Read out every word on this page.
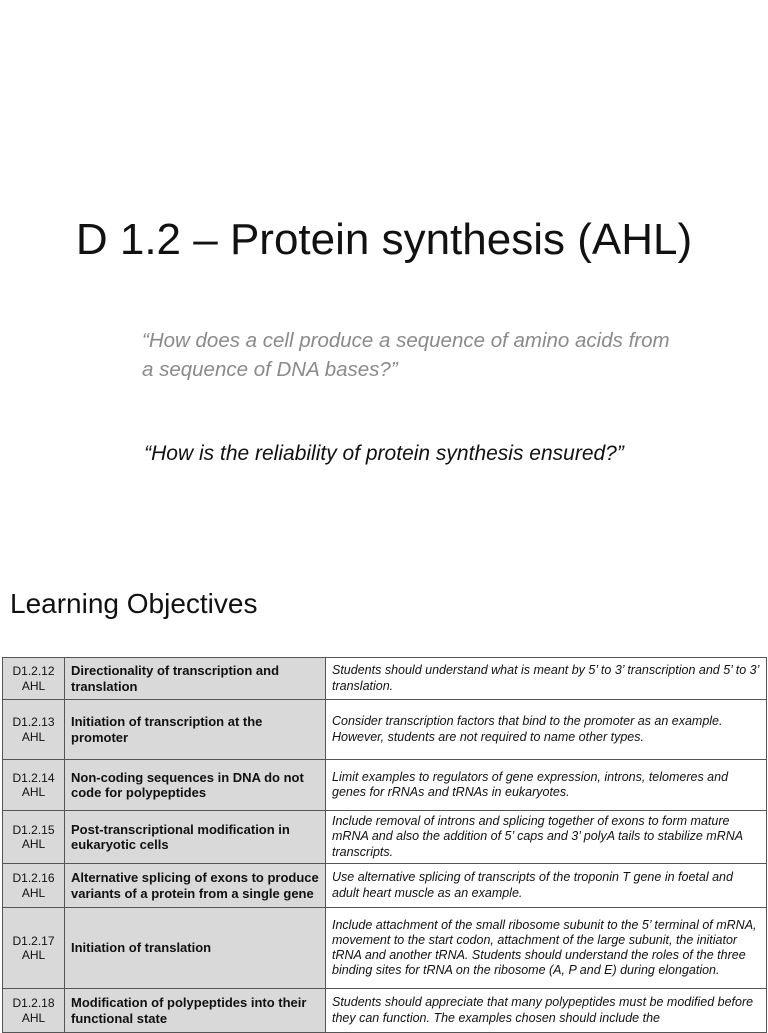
D 1.2 – Protein synthesis (AHL)

“How does a cell produce a sequence of amino acids from a sequence of DNA bases?”

“How is the reliability of protein synthesis ensured?”

Learning Objectives
D1.2.12
AHL	Directionality of transcription and translation	Students should understand what is meant by 5’ to 3’ transcription and 5’ to 3’ translation.

D1.2.13
AHL	Initiation of transcription at the promoter	Consider transcription factors that bind to the promoter as an example. However, students are not required to name other types.

D1.2.14
AHL	Non-coding sequences in DNA do not code for polypeptides	Limit examples to regulators of gene expression, introns, telomeres and genes for rRNAs and tRNAs in eukaryotes.

D1.2.15
AHL	Post-transcriptional modification in eukaryotic cells	Include removal of introns and splicing together of exons to form mature mRNA and also the addition of 5’ caps and 3’ polyA tails to stabilize mRNA transcripts.

D1.2.16
AHL	Alternative splicing of exons to produce variants of a protein from a single gene	Use alternative splicing of transcripts of the troponin T gene in foetal and adult heart muscle as an example.

D1.2.17
AHL	Initiation of translation	Include attachment of the small ribosome subunit to the 5’ terminal of mRNA, movement to the start codon, attachment of the large subunit, the initiator tRNA and another tRNA. Students should understand the roles of the three binding sites for tRNA on the ribosome (A, P and E) during elongation.

D1.2.18
AHL	Modification of polypeptides into their functional state	Students should appreciate that many polypeptides must be modified before they can function. The examples chosen should include the
